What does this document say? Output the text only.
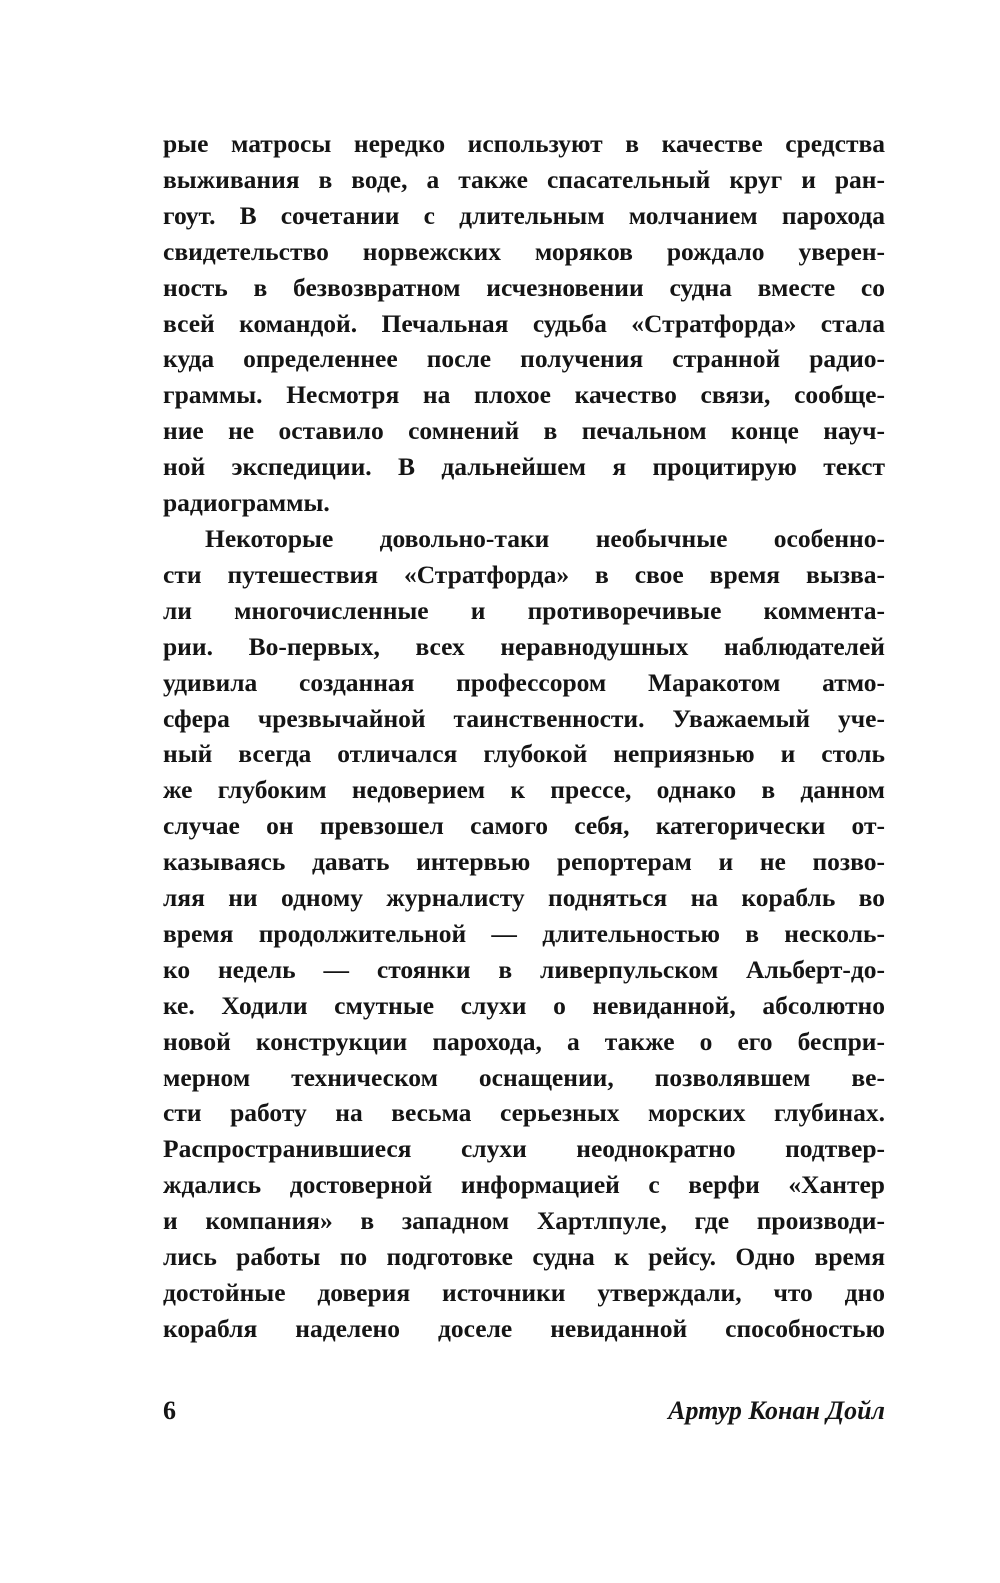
рые матросы нередко используют в качестве средства
выживания в воде, а также спасательный круг и ран-
гоут. В сочетании с длительным молчанием парохода
свидетельство норвежских моряков рождало уверен-
ность в безвозвратном исчезновении судна вместе со
всей командой. Печальная судьба «Стратфорда» стала
куда определеннее после получения странной радио-
граммы. Несмотря на плохое качество связи, сообще-
ние не оставило сомнений в печальном конце науч-
ной экспедиции. В дальнейшем я процитирую текст
радиограммы.
Некоторые довольно-таки необычные особенно-
сти путешествия «Стратфорда» в свое время вызва-
ли многочисленные и противоречивые коммента-
рии. Во-первых, всех неравнодушных наблюдателей
удивила созданная профессором Маракотом атмо-
сфера чрезвычайной таинственности. Уважаемый уче-
ный всегда отличался глубокой неприязнью и столь
же глубоким недоверием к прессе, однако в данном
случае он превзошел самого себя, категорически от-
казываясь давать интервью репортерам и не позво-
ляя ни одному журналисту подняться на корабль во
время продолжительной — длительностью в несколь-
ко недель — стоянки в ливерпульском Альберт-до-
ке. Ходили смутные слухи о невиданной, абсолютно
новой конструкции парохода, а также о его беспри-
мерном техническом оснащении, позволявшем ве-
сти работу на весьма серьезных морских глубинах.
Распространившиеся слухи неоднократно подтвер-
ждались достоверной информацией с верфи «Хантер
и компания» в западном Хартлпуле, где производи-
лись работы по подготовке судна к рейсу. Одно время
достойные доверия источники утверждали, что дно
корабля наделено доселе невиданной способностью
6	Артур Конан Дойл
